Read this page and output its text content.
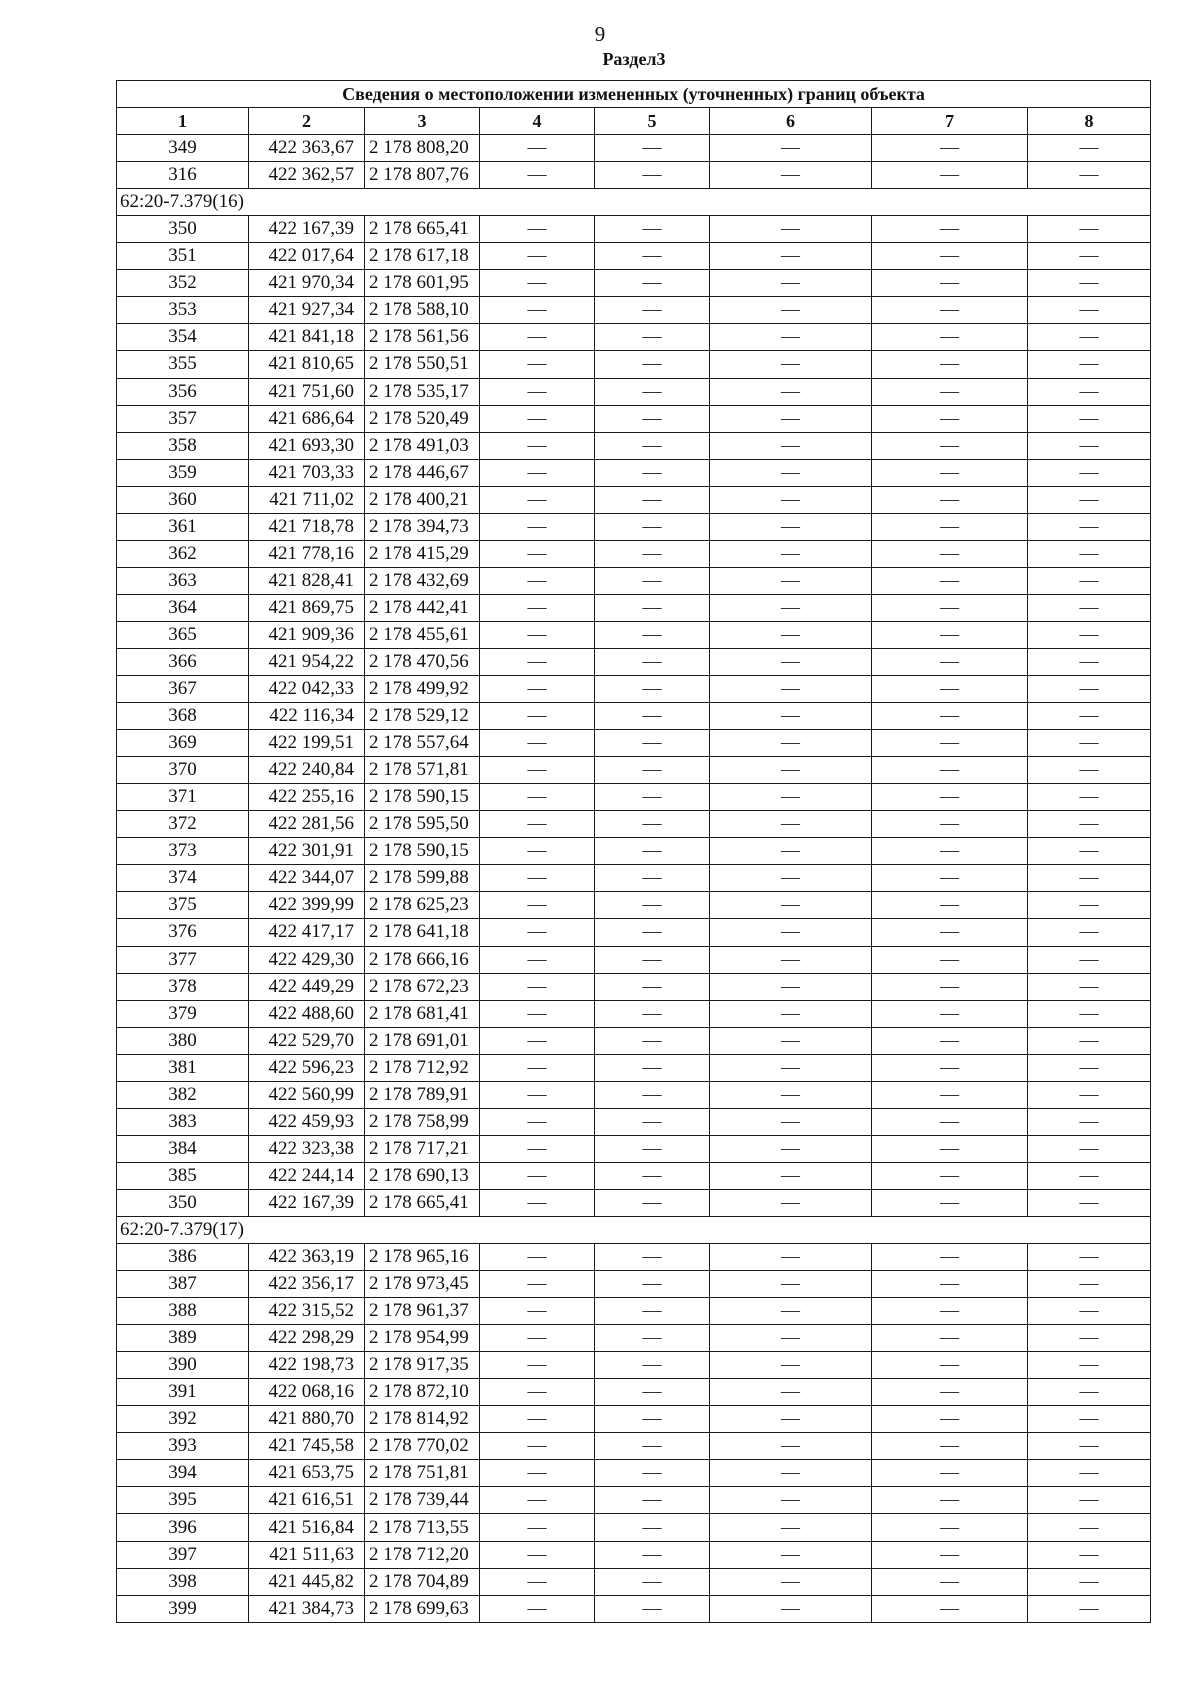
9
Раздел3
Сведения о местоположении измененных (уточненных) границ объекта							
1	2	3	4	5	6	7	8
349	422 363,67	2 178 808,20	—	—	—	—	—
316	422 362,57	2 178 807,76	—	—	—	—	—
62:20-7.379(16)							
350	422 167,39	2 178 665,41	—	—	—	—	—
351	422 017,64	2 178 617,18	—	—	—	—	—
352	421 970,34	2 178 601,95	—	—	—	—	—
353	421 927,34	2 178 588,10	—	—	—	—	—
354	421 841,18	2 178 561,56	—	—	—	—	—
355	421 810,65	2 178 550,51	—	—	—	—	—
356	421 751,60	2 178 535,17	—	—	—	—	—
357	421 686,64	2 178 520,49	—	—	—	—	—
358	421 693,30	2 178 491,03	—	—	—	—	—
359	421 703,33	2 178 446,67	—	—	—	—	—
360	421 711,02	2 178 400,21	—	—	—	—	—
361	421 718,78	2 178 394,73	—	—	—	—	—
362	421 778,16	2 178 415,29	—	—	—	—	—
363	421 828,41	2 178 432,69	—	—	—	—	—
364	421 869,75	2 178 442,41	—	—	—	—	—
365	421 909,36	2 178 455,61	—	—	—	—	—
366	421 954,22	2 178 470,56	—	—	—	—	—
367	422 042,33	2 178 499,92	—	—	—	—	—
368	422 116,34	2 178 529,12	—	—	—	—	—
369	422 199,51	2 178 557,64	—	—	—	—	—
370	422 240,84	2 178 571,81	—	—	—	—	—
371	422 255,16	2 178 590,15	—	—	—	—	—
372	422 281,56	2 178 595,50	—	—	—	—	—
373	422 301,91	2 178 590,15	—	—	—	—	—
374	422 344,07	2 178 599,88	—	—	—	—	—
375	422 399,99	2 178 625,23	—	—	—	—	—
376	422 417,17	2 178 641,18	—	—	—	—	—
377	422 429,30	2 178 666,16	—	—	—	—	—
378	422 449,29	2 178 672,23	—	—	—	—	—
379	422 488,60	2 178 681,41	—	—	—	—	—
380	422 529,70	2 178 691,01	—	—	—	—	—
381	422 596,23	2 178 712,92	—	—	—	—	—
382	422 560,99	2 178 789,91	—	—	—	—	—
383	422 459,93	2 178 758,99	—	—	—	—	—
384	422 323,38	2 178 717,21	—	—	—	—	—
385	422 244,14	2 178 690,13	—	—	—	—	—
350	422 167,39	2 178 665,41	—	—	—	—	—
62:20-7.379(17)							
386	422 363,19	2 178 965,16	—	—	—	—	—
387	422 356,17	2 178 973,45	—	—	—	—	—
388	422 315,52	2 178 961,37	—	—	—	—	—
389	422 298,29	2 178 954,99	—	—	—	—	—
390	422 198,73	2 178 917,35	—	—	—	—	—
391	422 068,16	2 178 872,10	—	—	—	—	—
392	421 880,70	2 178 814,92	—	—	—	—	—
393	421 745,58	2 178 770,02	—	—	—	—	—
394	421 653,75	2 178 751,81	—	—	—	—	—
395	421 616,51	2 178 739,44	—	—	—	—	—
396	421 516,84	2 178 713,55	—	—	—	—	—
397	421 511,63	2 178 712,20	—	—	—	—	—
398	421 445,82	2 178 704,89	—	—	—	—	—
399	421 384,73	2 178 699,63	—	—	—	—	—
